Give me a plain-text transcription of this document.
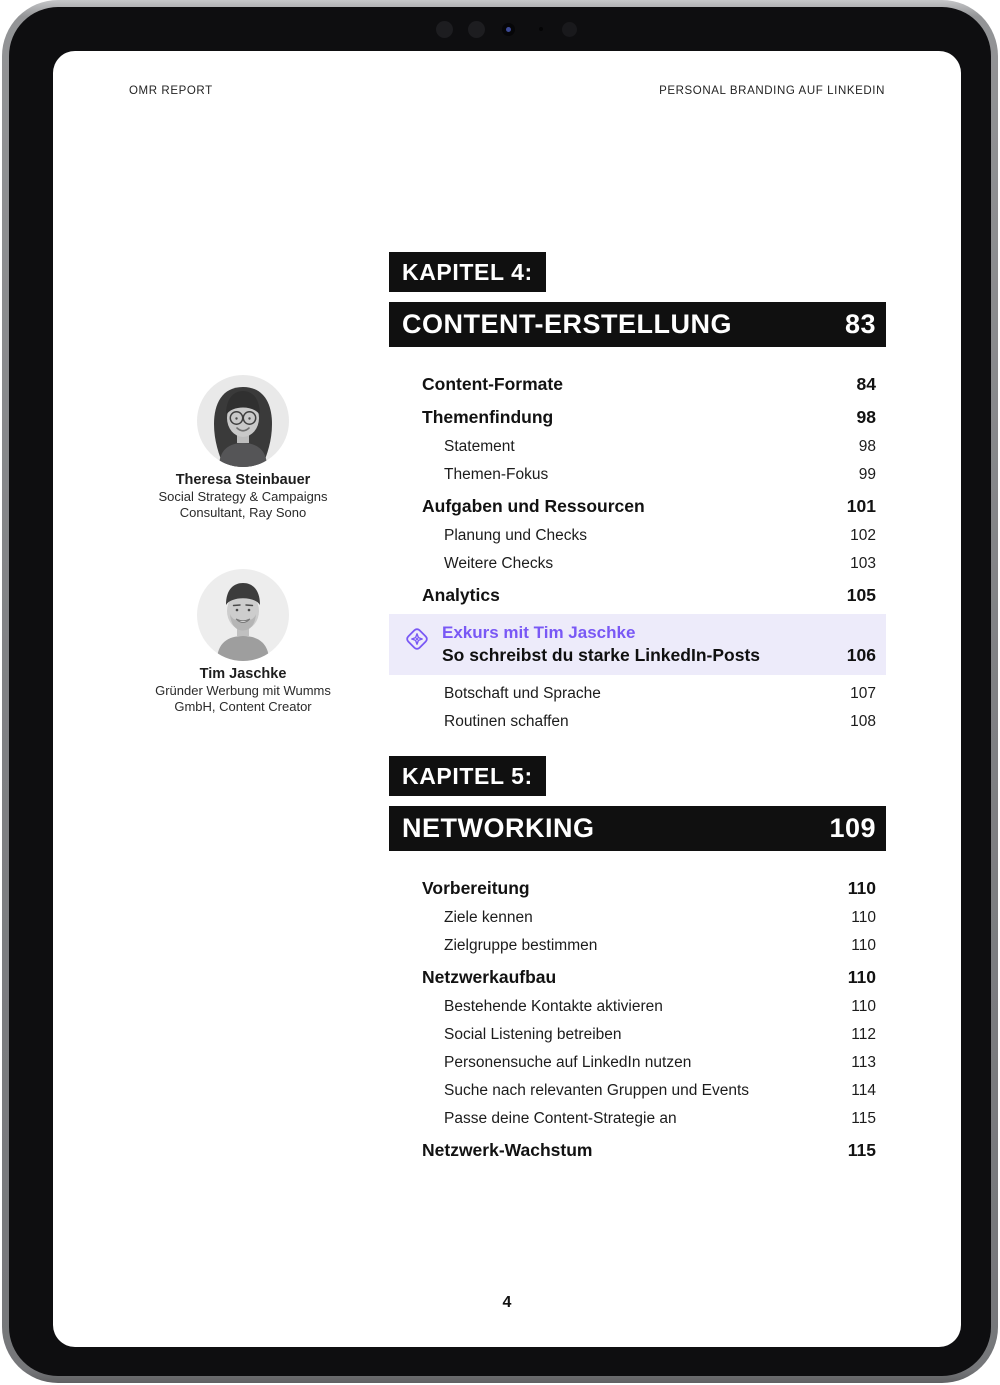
OMR REPORT	PERSONAL BRANDING AUF LINKEDIN
Theresa Steinbauer
Social Strategy & Campaigns
Consultant, Ray Sono
Tim Jaschke
Gründer Werbung mit Wumms
GmbH, Content Creator
KAPITEL 4:
CONTENT-ERSTELLUNG	83
Content-Formate	84
Themenfindung	98
Statement	98
Themen-Fokus	99
Aufgaben und Ressourcen	101
Planung und Checks	102
Weitere Checks	103
Analytics	105
Exkurs mit Tim Jaschke
So schreibst du starke LinkedIn-Posts	106
Botschaft und Sprache	107
Routinen schaffen	108
KAPITEL 5:
NETWORKING	109
Vorbereitung	110
Ziele kennen	110
Zielgruppe bestimmen	110
Netzwerkaufbau	110
Bestehende Kontakte aktivieren	110
Social Listening betreiben	112
Personensuche auf LinkedIn nutzen	113
Suche nach relevanten Gruppen und Events	114
Passe deine Content-Strategie an	115
Netzwerk-Wachstum	115
4
